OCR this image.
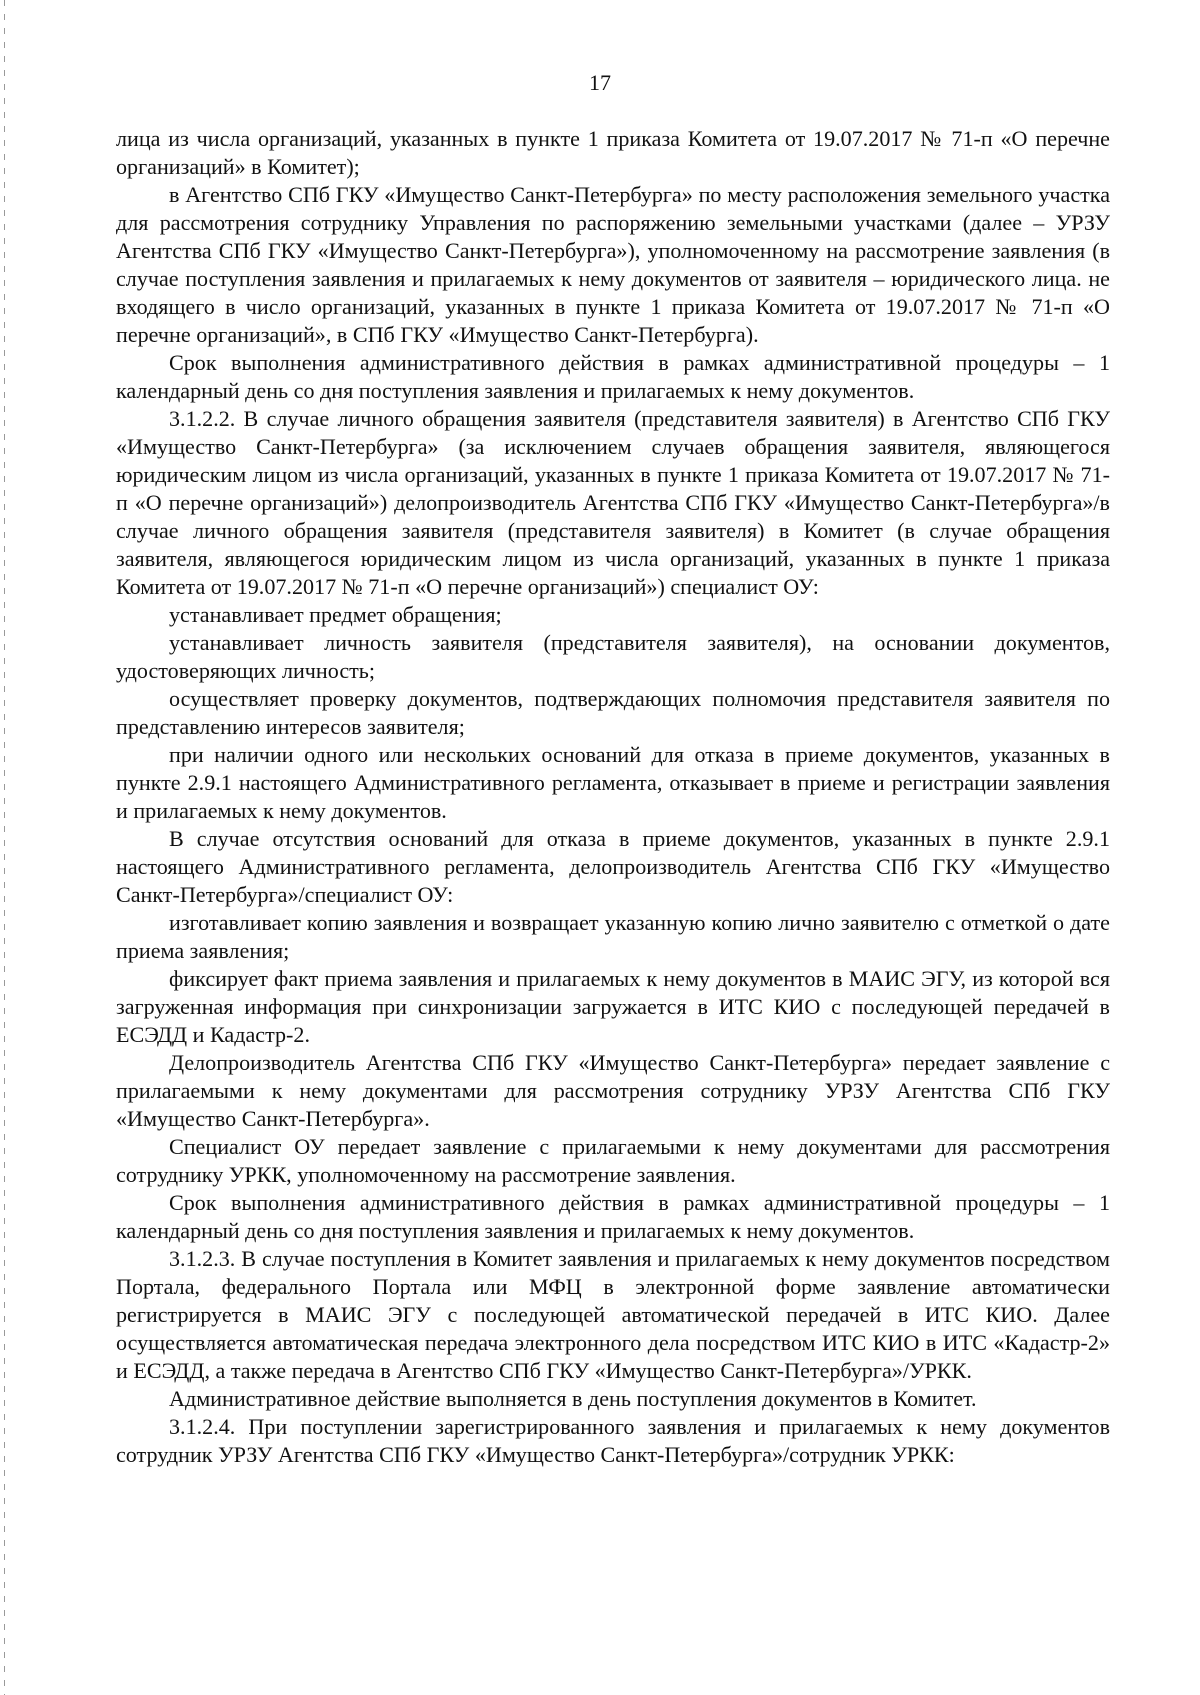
17

лица из числа организаций, указанных в пункте 1 приказа Комитета от 19.07.2017 № 71-п «О перечне организаций» в Комитет);

в Агентство СПб ГКУ «Имущество Санкт-Петербурга» по месту расположения земельного участка для рассмотрения сотруднику Управления по распоряжению земельными участками (далее – УРЗУ Агентства СПб ГКУ «Имущество Санкт-Петербурга»), уполномоченному на рассмотрение заявления (в случае поступления заявления и прилагаемых к нему документов от заявителя – юридического лица. не входящего в число организаций, указанных в пункте 1 приказа Комитета от 19.07.2017 № 71-п «О перечне организаций», в СПб ГКУ «Имущество Санкт-Петербурга).

Срок выполнения административного действия в рамках административной процедуры – 1 календарный день со дня поступления заявления и прилагаемых к нему документов.

3.1.2.2. В случае личного обращения заявителя (представителя заявителя) в Агентство СПб ГКУ «Имущество Санкт-Петербурга» (за исключением случаев обращения заявителя, являющегося юридическим лицом из числа организаций, указанных в пункте 1 приказа Комитета от 19.07.2017 № 71-п «О перечне организаций») делопроизводитель Агентства СПб ГКУ «Имущество Санкт-Петербурга»/в случае личного обращения заявителя (представителя заявителя) в Комитет (в случае обращения заявителя, являющегося юридическим лицом из числа организаций, указанных в пункте 1 приказа Комитета от 19.07.2017 № 71-п «О перечне организаций») специалист ОУ:

устанавливает предмет обращения;

устанавливает личность заявителя (представителя заявителя), на основании документов, удостоверяющих личность;

осуществляет проверку документов, подтверждающих полномочия представителя заявителя по представлению интересов заявителя;

при наличии одного или нескольких оснований для отказа в приеме документов, указанных в пункте 2.9.1 настоящего Административного регламента, отказывает в приеме и регистрации заявления и прилагаемых к нему документов.

В случае отсутствия оснований для отказа в приеме документов, указанных в пункте 2.9.1 настоящего Административного регламента, делопроизводитель Агентства СПб ГКУ «Имущество Санкт-Петербурга»/специалист ОУ:

изготавливает копию заявления и возвращает указанную копию лично заявителю с отметкой о дате приема заявления;

фиксирует факт приема заявления и прилагаемых к нему документов в МАИС ЭГУ, из которой вся загруженная информация при синхронизации загружается в ИТС КИО с последующей передачей в ЕСЭДД и Кадастр-2.

Делопроизводитель Агентства СПб ГКУ «Имущество Санкт-Петербурга» передает заявление с прилагаемыми к нему документами для рассмотрения сотруднику УРЗУ Агентства СПб ГКУ «Имущество Санкт-Петербурга».

Специалист ОУ передает заявление с прилагаемыми к нему документами для рассмотрения сотруднику УРКК, уполномоченному на рассмотрение заявления.

Срок выполнения административного действия в рамках административной процедуры – 1 календарный день со дня поступления заявления и прилагаемых к нему документов.

3.1.2.3. В случае поступления в Комитет заявления и прилагаемых к нему документов посредством Портала, федерального Портала или МФЦ в электронной форме заявление автоматически регистрируется в МАИС ЭГУ с последующей автоматической передачей в ИТС КИО. Далее осуществляется автоматическая передача электронного дела посредством ИТС КИО в ИТС «Кадастр-2» и ЕСЭДД, а также передача в Агентство СПб ГКУ «Имущество Санкт-Петербурга»/УРКК.

Административное действие выполняется в день поступления документов в Комитет.

3.1.2.4. При поступлении зарегистрированного заявления и прилагаемых к нему документов сотрудник УРЗУ Агентства СПб ГКУ «Имущество Санкт-Петербурга»/сотрудник УРКК:
